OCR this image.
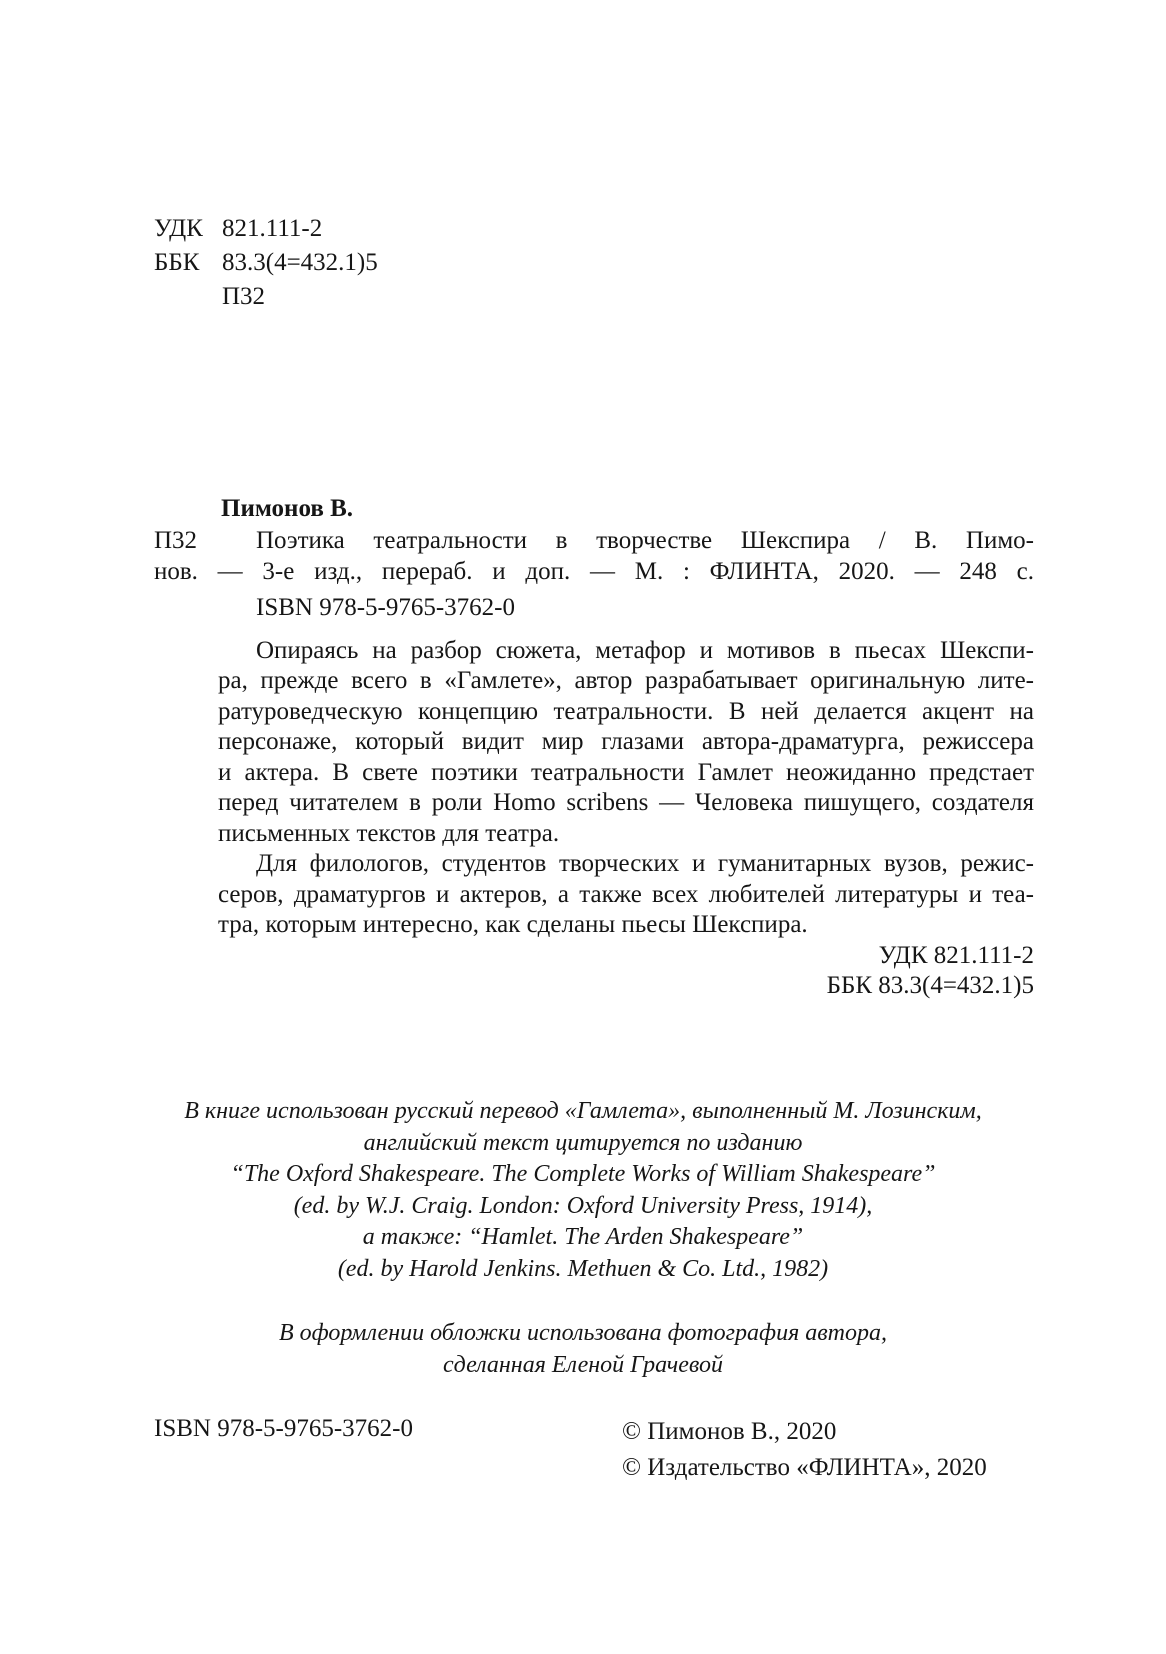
УДК 821.111-2
ББК 83.3(4=432.1)5
П32
Пимонов В.
П32 Поэтика театральности в творчестве Шекспира / В. Пимо-
нов. — 3-е изд., перераб. и доп. — М. : ФЛИНТА, 2020. — 248 с.
ISBN 978-5-9765-3762-0
Опираясь на разбор сюжета, метафор и мотивов в пьесах Шекспи-
ра, прежде всего в «Гамлете», автор разрабатывает оригинальную лите-
ратуроведческую концепцию театральности. В ней делается акцент на
персонаже, который видит мир глазами автора-драматурга, режиссера
и актера. В свете поэтики театральности Гамлет неожиданно предстает
перед читателем в роли Homo scribens — Человека пишущего, создателя
письменных текстов для театра.
Для филологов, студентов творческих и гуманитарных вузов, режис-
серов, драматургов и актеров, а также всех любителей литературы и теа-
тра, которым интересно, как сделаны пьесы Шекспира.
УДК 821.111-2
ББК 83.3(4=432.1)5
В книге использован русский перевод «Гамлета», выполненный М. Лозинским,
английский текст цитируется по изданию
“The Oxford Shakespeare. The Complete Works of William Shakespeare”
(ed. by W.J. Craig. London: Oxford University Press, 1914),
а также: “Hamlet. The Arden Shakespeare”
(ed. by Harold Jenkins. Methuen & Co. Ltd., 1982)
В оформлении обложки использована фотография автора,
сделанная Еленой Грачевой
ISBN 978-5-9765-3762-0	© Пимонов В., 2020
© Издательство «ФЛИНТА», 2020
